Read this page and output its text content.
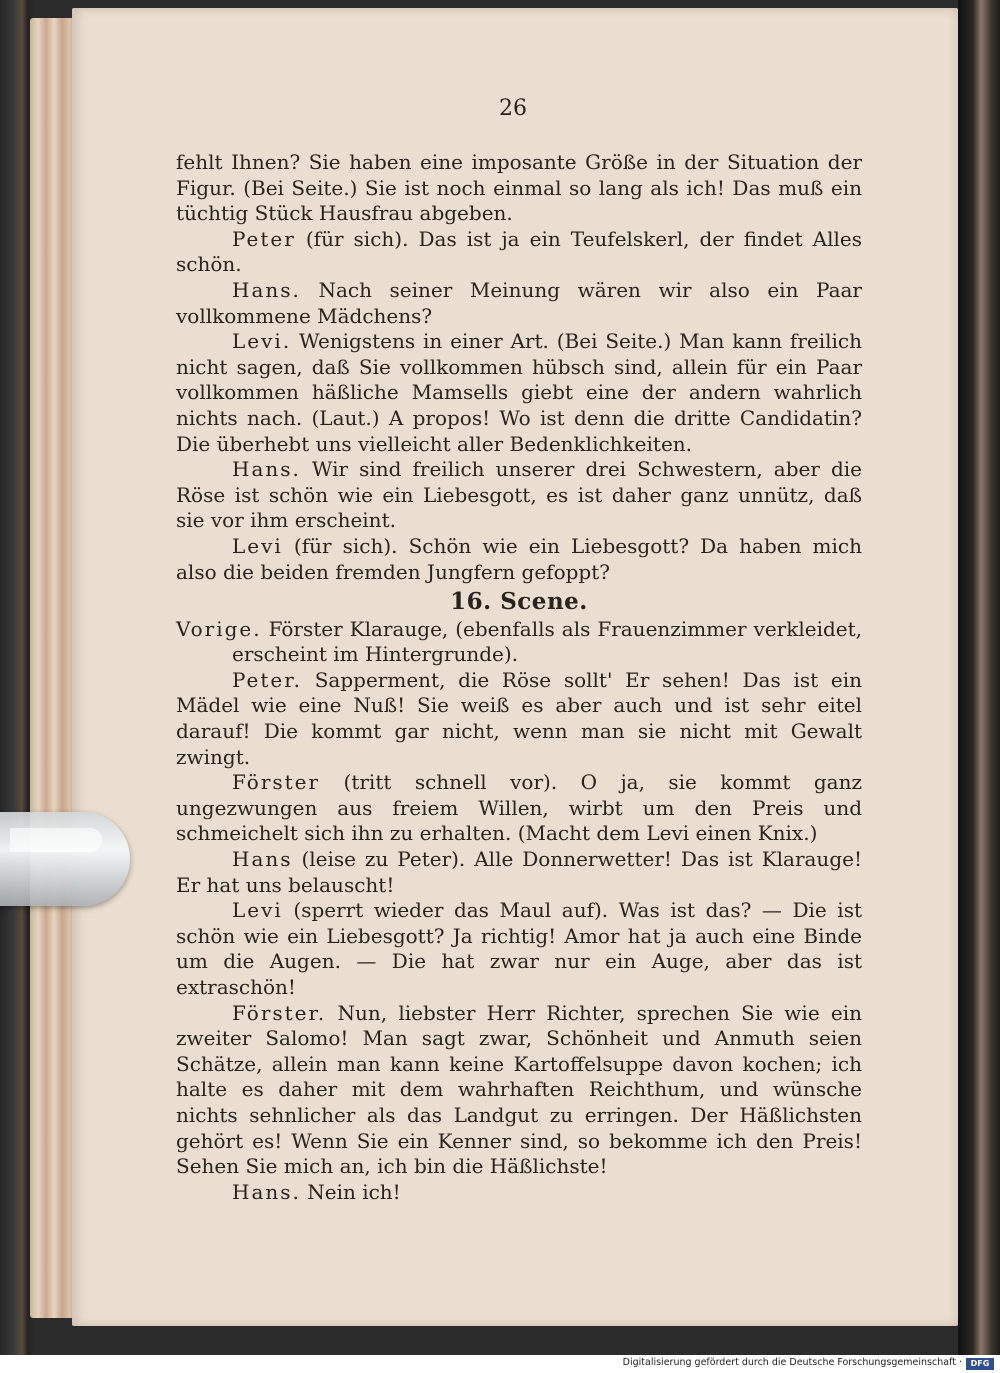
26

fehlt Ihnen? Sie haben eine imposante Größe in der Situation der Figur. (Bei Seite.) Sie ist noch einmal so lang als ich! Das muß ein tüchtig Stück Hausfrau abgeben.

Peter (für sich). Das ist ja ein Teufelskerl, der findet Alles schön.

Hans. Nach seiner Meinung wären wir also ein Paar vollkommene Mädchens?

Levi. Wenigstens in einer Art. (Bei Seite.) Man kann freilich nicht sagen, daß Sie vollkommen hübsch sind, allein für ein Paar vollkommen häßliche Mamsells giebt eine der andern wahrlich nichts nach. (Laut.) A propos! Wo ist denn die dritte Candidatin? Die überhebt uns vielleicht aller Bedenklichkeiten.

Hans. Wir sind freilich unserer drei Schwestern, aber die Röse ist schön wie ein Liebesgott, es ist daher ganz unnütz, daß sie vor ihm erscheint.

Levi (für sich). Schön wie ein Liebesgott? Da haben mich also die beiden fremden Jungfern gefoppt?

16. Scene.

Vorige. Förster Klarauge, (ebenfalls als Frauenzimmer verkleidet, erscheint im Hintergrunde).

Peter. Sapperment, die Röse sollt' Er sehen! Das ist ein Mädel wie eine Nuß! Sie weiß es aber auch und ist sehr eitel darauf! Die kommt gar nicht, wenn man sie nicht mit Gewalt zwingt.

Förster (tritt schnell vor). O ja, sie kommt ganz ungezwungen aus freiem Willen, wirbt um den Preis und schmeichelt sich ihn zu erhalten. (Macht dem Levi einen Knix.)

Hans (leise zu Peter). Alle Donnerwetter! Das ist Klarauge! Er hat uns belauscht!

Levi (sperrt wieder das Maul auf). Was ist das? — Die ist schön wie ein Liebesgott? Ja richtig! Amor hat ja auch eine Binde um die Augen. — Die hat zwar nur ein Auge, aber das ist extraschön!

Förster. Nun, liebster Herr Richter, sprechen Sie wie ein zweiter Salomo! Man sagt zwar, Schönheit und Anmuth seien Schätze, allein man kann keine Kartoffelsuppe davon kochen; ich halte es daher mit dem wahrhaften Reichthum, und wünsche nichts sehnlicher als das Landgut zu erringen. Der Häßlichsten gehört es! Wenn Sie ein Kenner sind, so bekomme ich den Preis! Sehen Sie mich an, ich bin die Häßlichste!

Hans. Nein ich!

Digitalisierung gefördert durch die Deutsche Forschungsgemeinschaft ·	DFG
